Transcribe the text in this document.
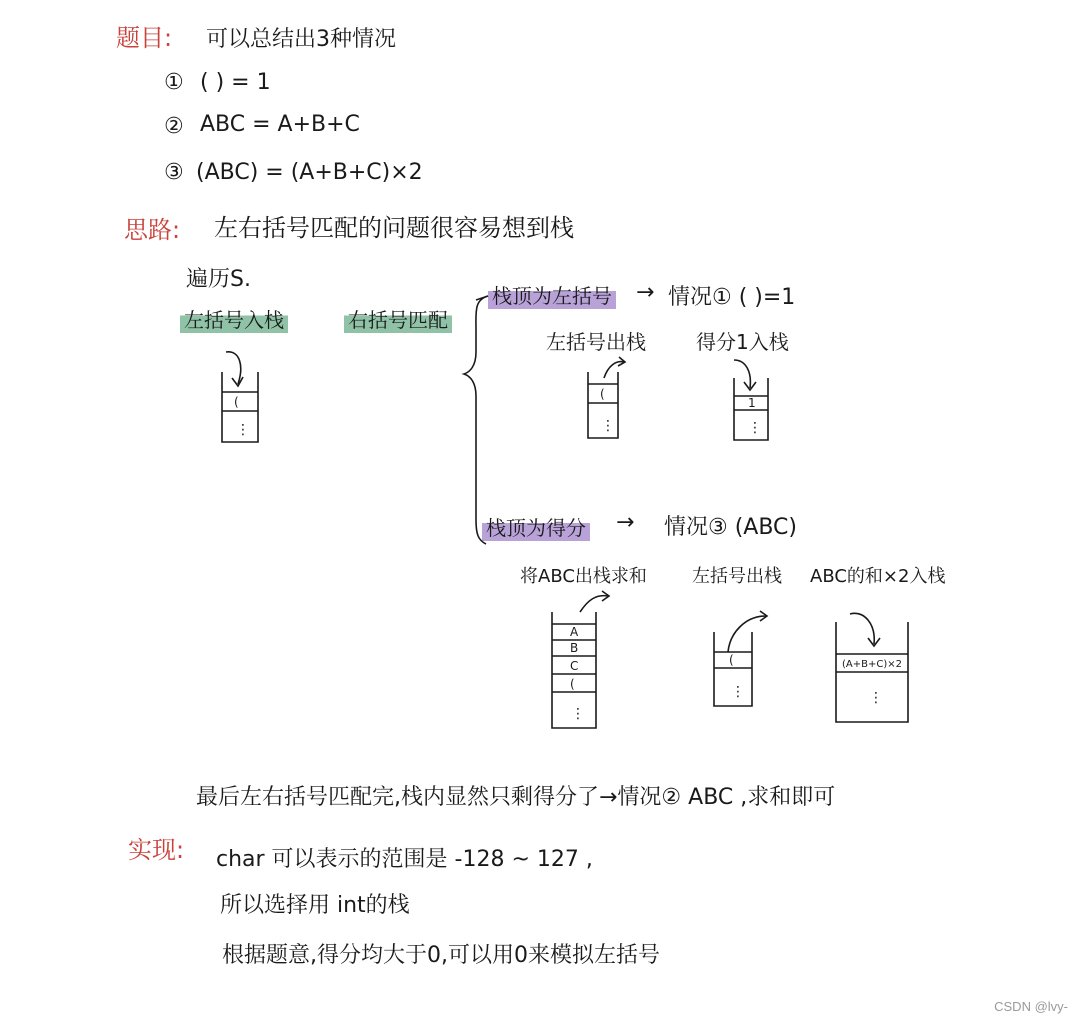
题目: 可以总结出3种情况
① ( ) = 1
② ABC = A+B+C
③ (ABC) = (A+B+C)×2
思路: 左右括号匹配的问题很容易想到栈
遍历S.
左括号入栈	右括号匹配
栈顶为左括号 → 情况① ( )=1
左括号出栈	得分1入栈
栈顶为得分 → 情况③ (ABC)
将ABC出栈求和	左括号出栈 ABC的和×2入栈
(
⋮
(
⋮
1
⋮
A
B
C
(
⋮
(
⋮
(A+B+C)×2
⋮
最后左右括号匹配完,栈内显然只剩得分了→情况② ABC ,求和即可
实现: char 可以表示的范围是 -128 ~ 127 ,
所以选择用 int的栈
根据题意,得分均大于0,可以用0来模拟左括号
CSDN @lvy-
